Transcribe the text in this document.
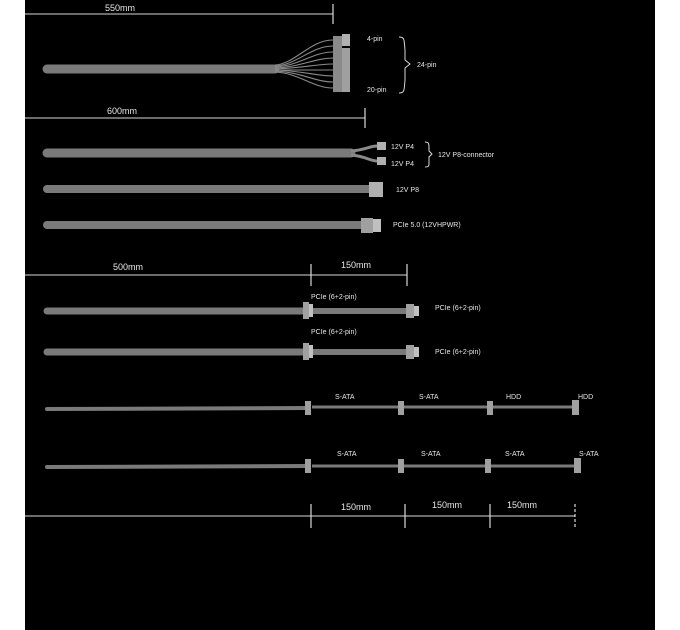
550mm
4-pin
20-pin
24-pin
600mm
12V P4
12V P4
12V P8-connector
12V P8
PCIe 5.0 (12VHPWR)
500mm	150mm
PCIe (6+2-pin)
PCIe (6+2-pin)
PCIe (6+2-pin)
PCIe (6+2-pin)
S-ATA	S-ATA	HDD	HDD
S-ATA	S-ATA	S-ATA	S-ATA
150mm	150mm	150mm
